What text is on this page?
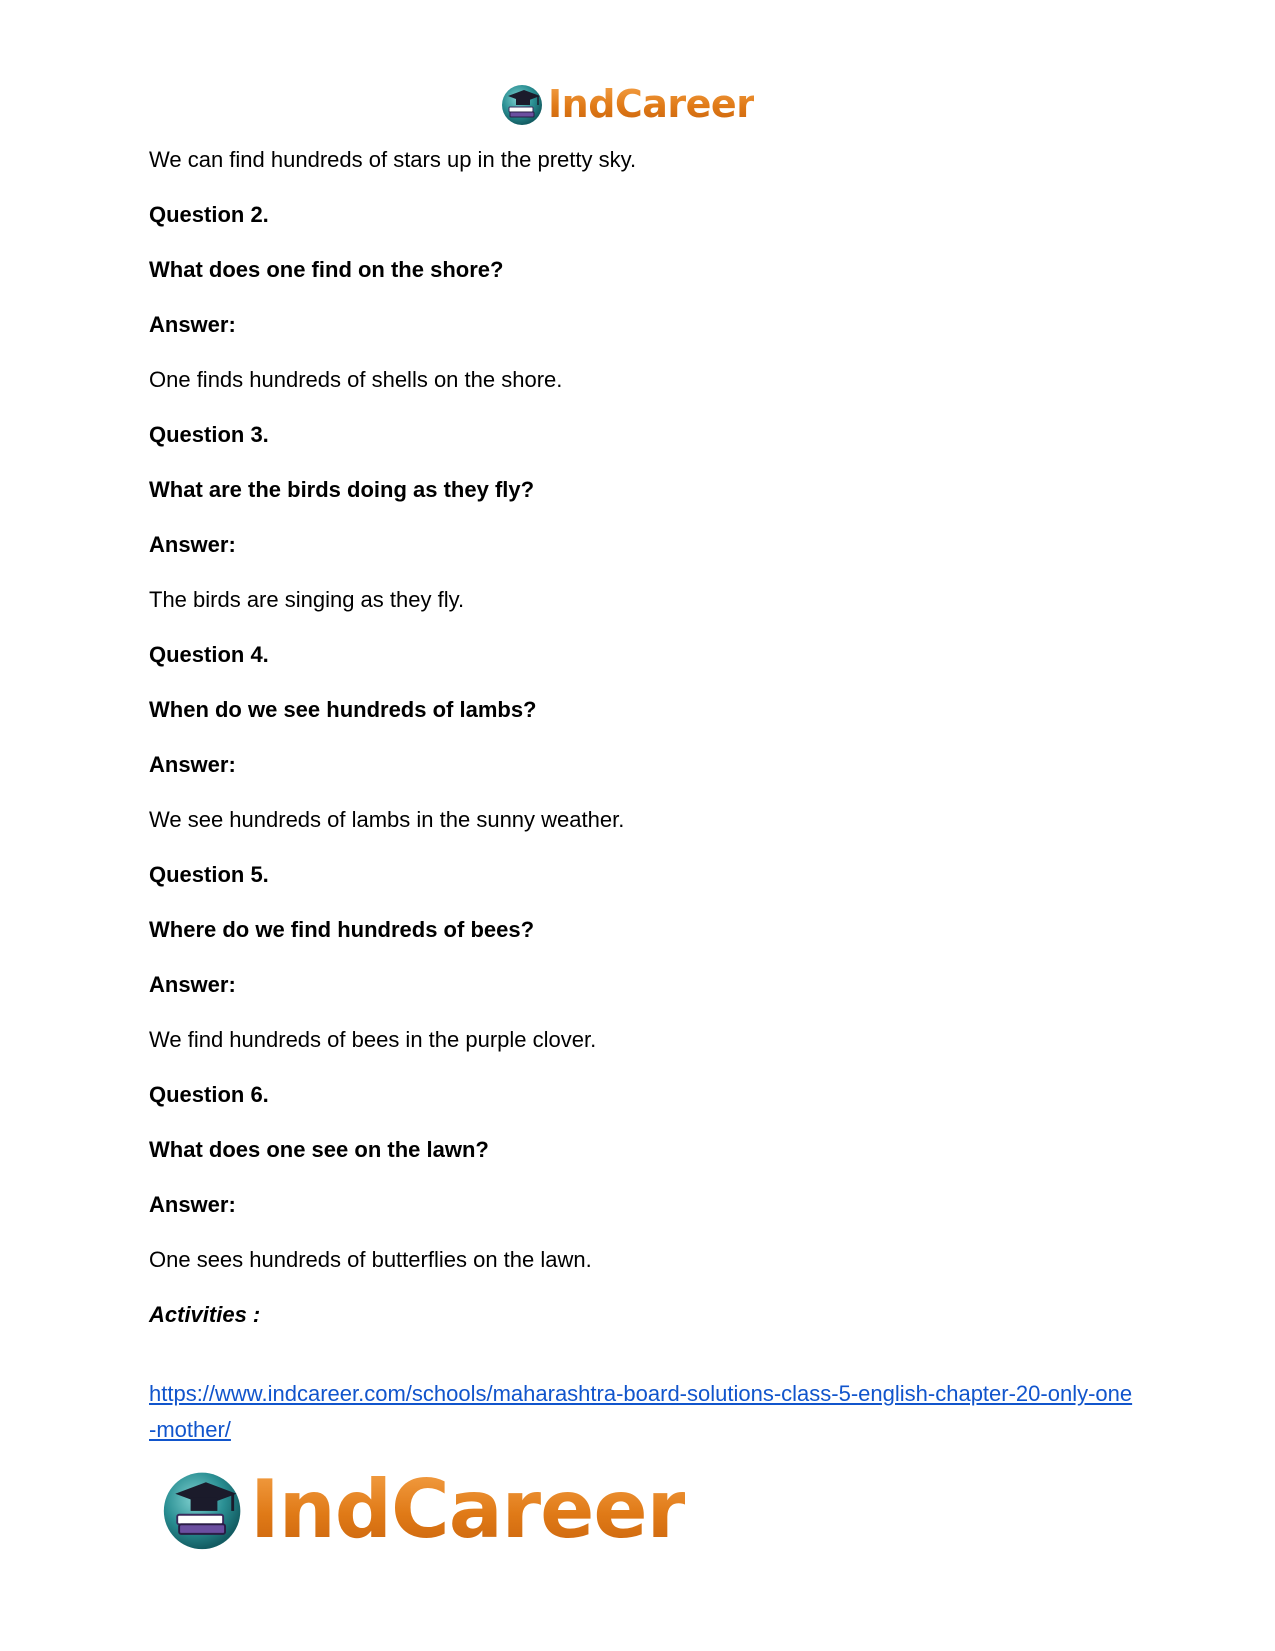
IndCareer
We can find hundreds of stars up in the pretty sky.
Question 2.
What does one find on the shore?
Answer:
One finds hundreds of shells on the shore.
Question 3.
What are the birds doing as they fly?
Answer:
The birds are singing as they fly.
Question 4.
When do we see hundreds of lambs?
Answer:
We see hundreds of lambs in the sunny weather.
Question 5.
Where do we find hundreds of bees?
Answer:
We find hundreds of bees in the purple clover.
Question 6.
What does one see on the lawn?
Answer:
One sees hundreds of butterflies on the lawn.
Activities :
https://www.indcareer.com/schools/maharashtra-board-solutions-class-5-english-chapter-20-only-one-mother/
IndCareer
